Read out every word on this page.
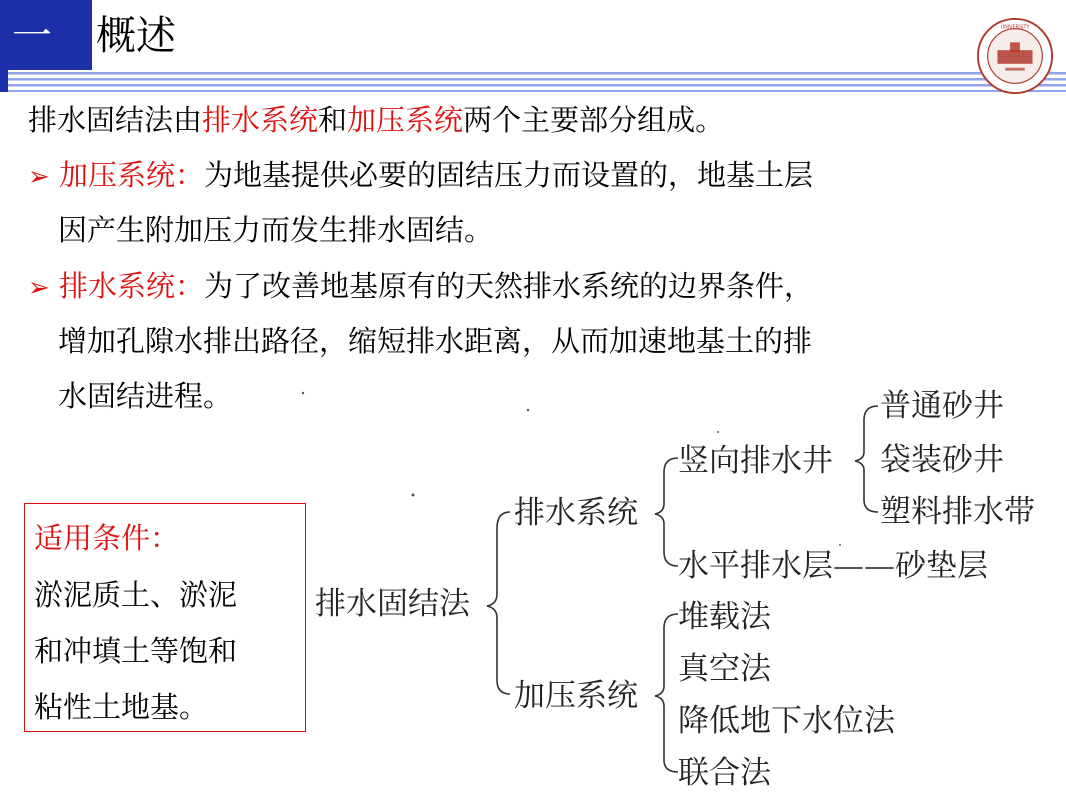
一 概述	UNIVERSITY
排水固结法由排水系统和加压系统两个主要部分组成。
➢ 加压系统：为地基提供必要的固结压力而设置的，地基土层
因产生附加压力而发生排水固结。
➢ 排水系统：为了改善地基原有的天然排水系统的边界条件，
增加孔隙水排出路径，缩短排水距离，从而加速地基土的排
水固结进程。
适用条件：
淤泥质土、淤泥
和冲填土等饱和
粘性土地基。
排水固结法
排水系统
加压系统
竖向排水井
普通砂井
袋装砂井
塑料排水带
水平排水层——砂垫层
堆载法
真空法
降低地下水位法
联合法
